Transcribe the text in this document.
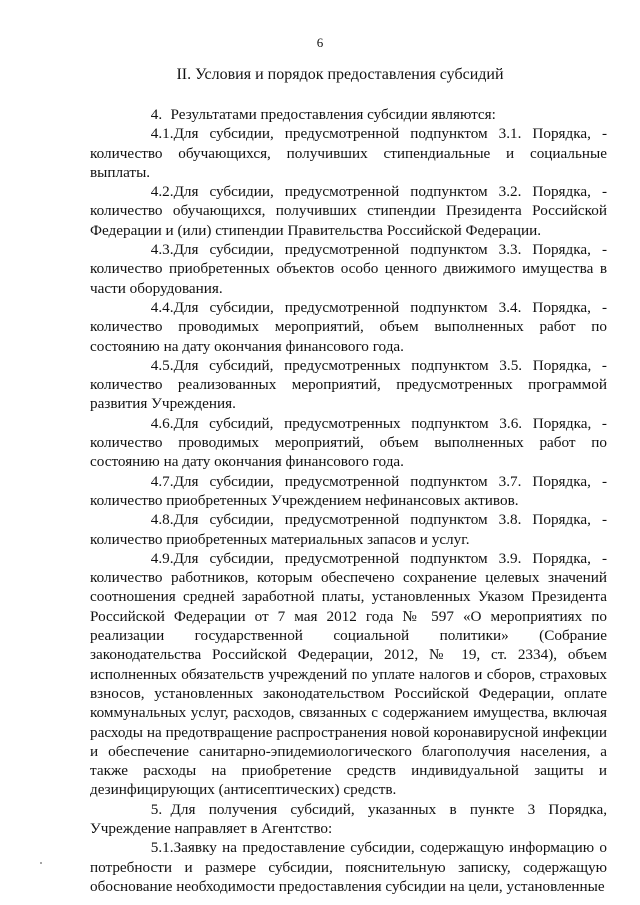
6
II. Условия и порядок предоставления субсидий

4. Результатами предоставления субсидии являются:

4.1.Для субсидии, предусмотренной подпунктом 3.1. Порядка, - количество обучающихся, получивших стипендиальные и социальные выплаты.

4.2.Для субсидии, предусмотренной подпунктом 3.2. Порядка, - количество обучающихся, получивших стипендии Президента Российской Федерации и (или) стипендии Правительства Российской Федерации.

4.3.Для субсидии, предусмотренной подпунктом 3.3. Порядка, - количество приобретенных объектов особо ценного движимого имущества в части оборудования.

4.4.Для субсидии, предусмотренной подпунктом 3.4. Порядка, - количество проводимых мероприятий, объем выполненных работ по состоянию на дату окончания финансового года.

4.5.Для субсидий, предусмотренных подпунктом 3.5. Порядка, - количество реализованных мероприятий, предусмотренных программой развития Учреждения.

4.6.Для субсидий, предусмотренных подпунктом 3.6. Порядка, - количество проводимых мероприятий, объем выполненных работ по состоянию на дату окончания финансового года.

4.7.Для субсидии, предусмотренной подпунктом 3.7. Порядка, - количество приобретенных Учреждением нефинансовых активов.

4.8.Для субсидии, предусмотренной подпунктом 3.8. Порядка, - количество приобретенных материальных запасов и услуг.

4.9.Для субсидии, предусмотренной подпунктом 3.9. Порядка, - количество работников, которым обеспечено сохранение целевых значений соотношения средней заработной платы, установленных Указом Президента Российской Федерации от 7 мая 2012 года № 597 «О мероприятиях по реализации государственной социальной политики» (Собрание законодательства Российской Федерации, 2012, № 19, ст. 2334), объем исполненных обязательств учреждений по уплате налогов и сборов, страховых взносов, установленных законодательством Российской Федерации, оплате коммунальных услуг, расходов, связанных с содержанием имущества, включая расходы на предотвращение распространения новой коронавирусной инфекции и обеспечение санитарно-эпидемиологического благополучия населения, а также расходы на приобретение средств индивидуальной защиты и дезинфицирующих (антисептических) средств.

5. Для получения субсидий, указанных в пункте 3 Порядка, Учреждение направляет в Агентство:

5.1.Заявку на предоставление субсидии, содержащую информацию о потребности и размере субсидии, пояснительную записку, содержащую обоснование необходимости предоставления субсидии на цели, установленные
